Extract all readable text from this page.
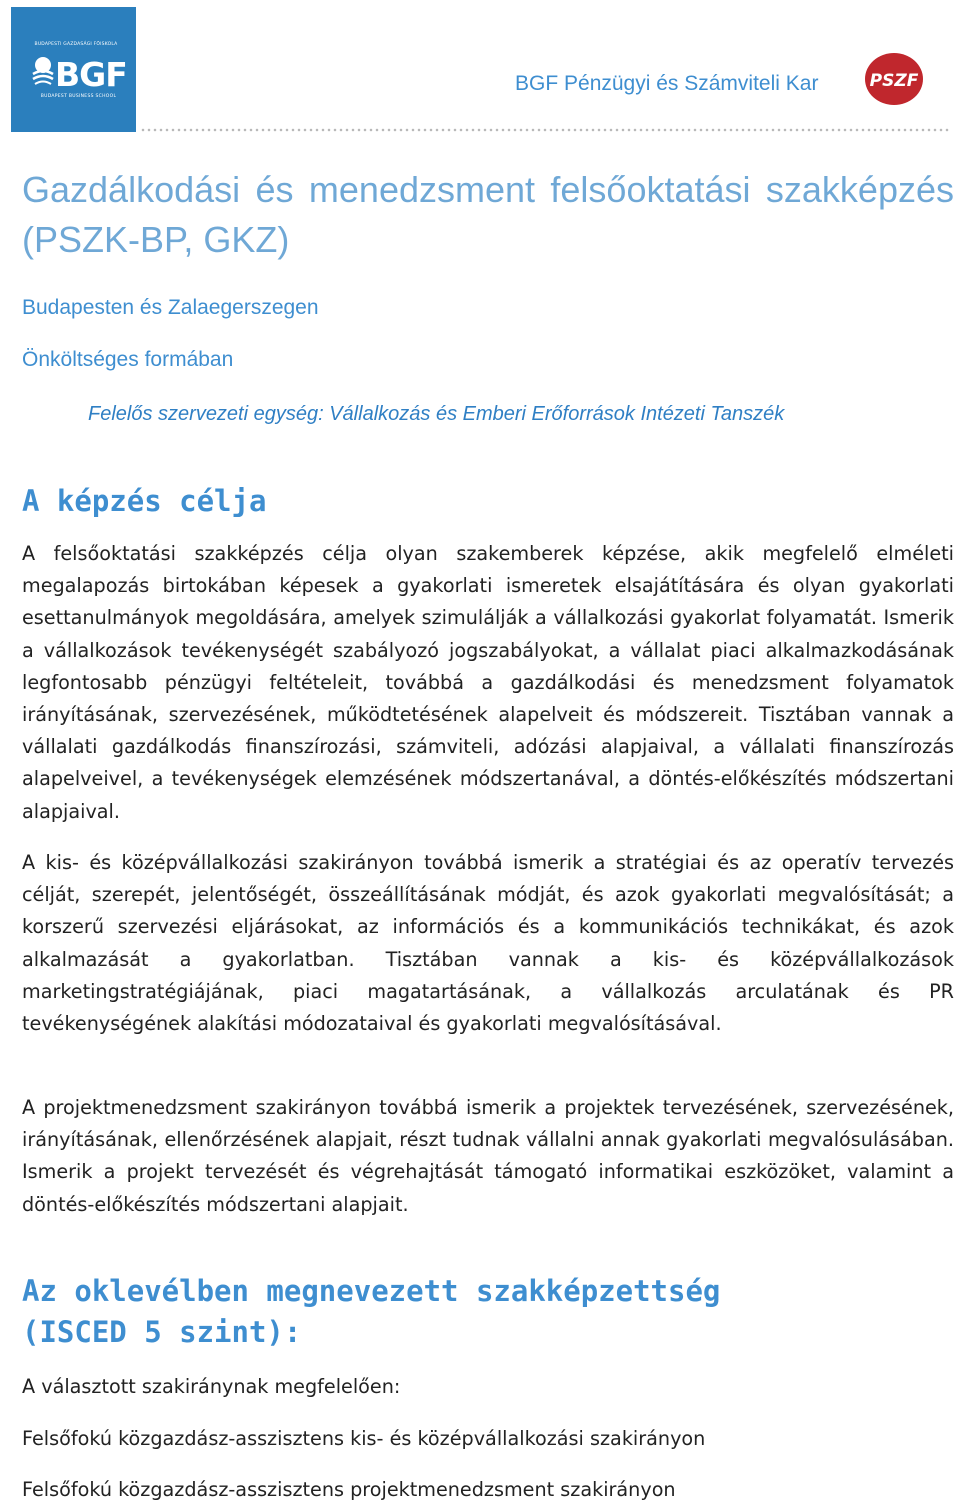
BUDAPESTI GAZDASÁGI FŐISKOLA
BGF
BUDAPEST BUSINESS SCHOOL
BGF Pénzügyi és Számviteli Kar	PSZF
Gazdálkodási és menedzsment felsőoktatási szakképzés (PSZK-BP, GKZ)
Budapesten és Zalaegerszegen
Önköltséges formában
Felelős szervezeti egység: Vállalkozás és Emberi Erőforrások Intézeti Tanszék
A képzés célja

A felsőoktatási szakképzés célja olyan szakemberek képzése, akik megfelelő elméleti megalapozás birtokában képesek a gyakorlati ismeretek elsajátítására és olyan gyakorlati esettanulmányok megoldására, amelyek szimulálják a vállalkozási gyakorlat folyamatát. Ismerik a vállalkozások tevékenységét szabályozó jogszabályokat, a vállalat piaci alkalmazkodásának legfontosabb pénzügyi feltételeit, továbbá a gazdálkodási és menedzsment folyamatok irányításának, szervezésének, működtetésének alapelveit és módszereit. Tisztában vannak a vállalati gazdálkodás finanszírozási, számviteli, adózási alapjaival, a vállalati finanszírozás alapelveivel, a tevékenységek elemzésének módszertanával, a döntés-előkészítés módszertani alapjaival.

A kis- és középvállalkozási szakirányon továbbá ismerik a stratégiai és az operatív tervezés célját, szerepét, jelentőségét, összeállításának módját, és azok gyakorlati megvalósítását; a korszerű szervezési eljárásokat, az információs és a kommunikációs technikákat, és azok alkalmazását a gyakorlatban. Tisztában vannak a kis- és középvállalkozások marketingstratégiájának, piaci magatartásának, a vállalkozás arculatának és PR tevékenységének alakítási módozataival és gyakorlati megvalósításával.

A projektmenedzsment szakirányon továbbá ismerik a projektek tervezésének, szervezésének, irányításának, ellenőrzésének alapjait, részt tudnak vállalni annak gyakorlati megvalósulásában. Ismerik a projekt tervezését és végrehajtását támogató informatikai eszközöket, valamint a döntés-előkészítés módszertani alapjait.

Az oklevélben megnevezett szakképzettség
(ISCED 5 szint):
A választott szakiránynak megfelelően:
Felsőfokú közgazdász-asszisztens kis- és középvállalkozási szakirányon
Felsőfokú közgazdász-asszisztens projektmenedzsment szakirányon
